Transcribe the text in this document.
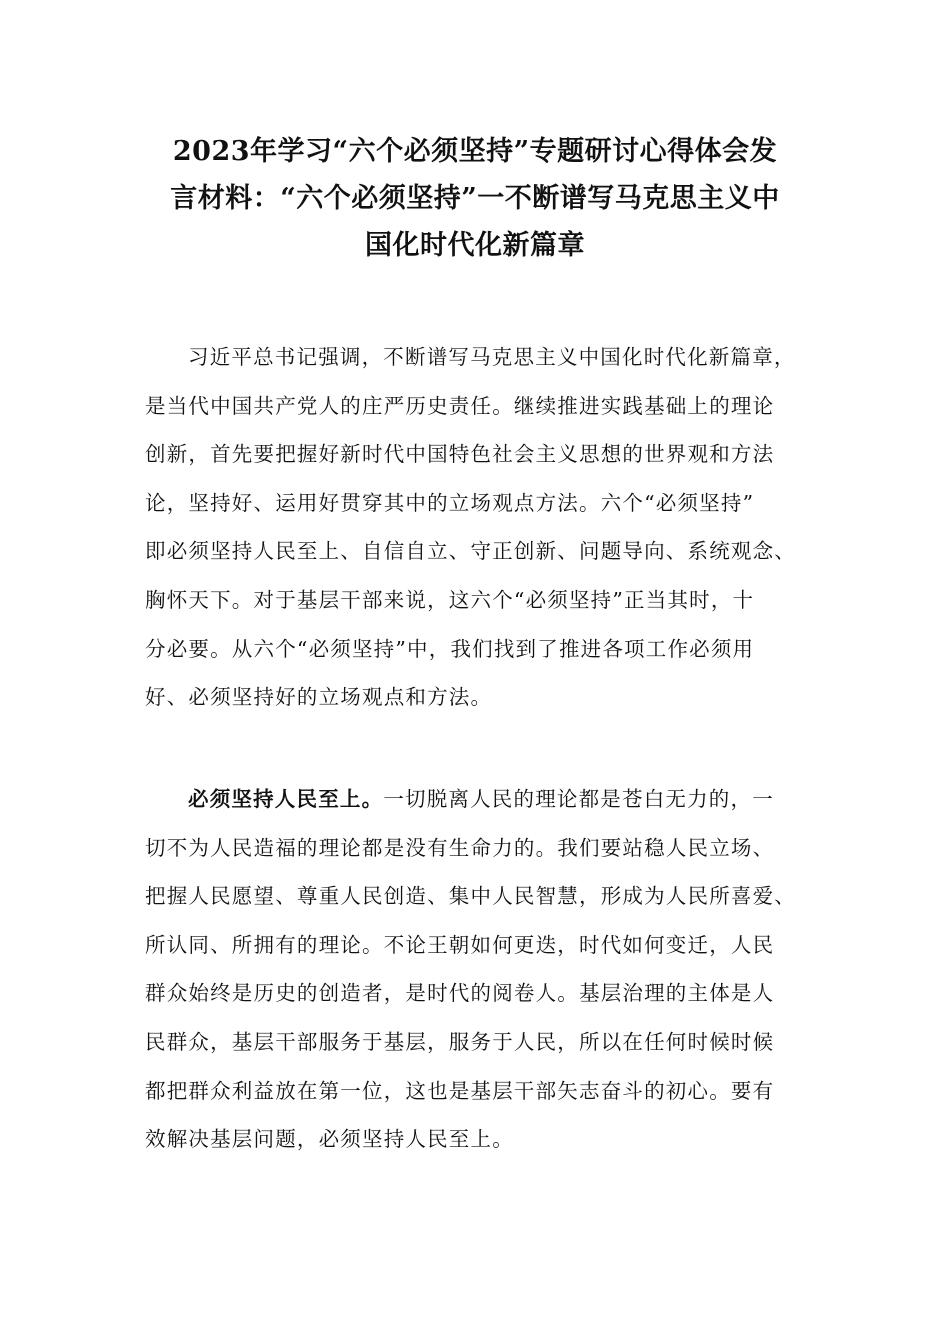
2023年学习“六个必须坚持”专题研讨心得体会发
言材料：“六个必须坚持”一不断谱写马克思主义中
国化时代化新篇章

习近平总书记强调，不断谱写马克思主义中国化时代化新篇章，
是当代中国共产党人的庄严历史责任。继续推进实践基础上的理论
创新，首先要把握好新时代中国特色社会主义思想的世界观和方法
论，坚持好、运用好贯穿其中的立场观点方法。六个“必须坚持”
即必须坚持人民至上、自信自立、守正创新、问题导向、系统观念、
胸怀天下。对于基层干部来说，这六个“必须坚持”正当其时，十
分必要。从六个“必须坚持”中，我们找到了推进各项工作必须用
好、必须坚持好的立场观点和方法。

必须坚持人民至上。一切脱离人民的理论都是苍白无力的，一
切不为人民造福的理论都是没有生命力的。我们要站稳人民立场、
把握人民愿望、尊重人民创造、集中人民智慧，形成为人民所喜爱、
所认同、所拥有的理论。不论王朝如何更迭，时代如何变迁，人民
群众始终是历史的创造者，是时代的阅卷人。基层治理的主体是人
民群众，基层干部服务于基层，服务于人民，所以在任何时候时候
都把群众利益放在第一位，这也是基层干部矢志奋斗的初心。要有
效解决基层问题，必须坚持人民至上。
